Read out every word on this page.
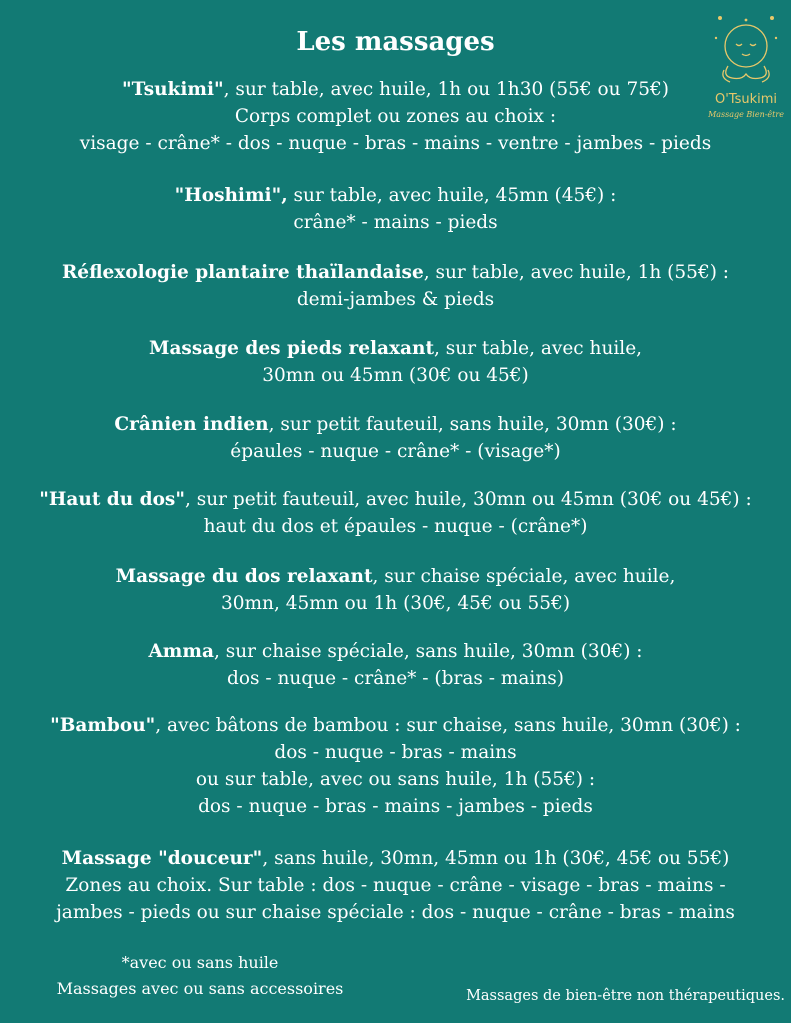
Les massages
O'Tsukimi
Massage Bien-être
"Tsukimi", sur table, avec huile, 1h ou 1h30 (55€ ou 75€)
Corps complet ou zones au choix :
visage - crâne* - dos - nuque - bras - mains - ventre - jambes - pieds
"Hoshimi", sur table, avec huile, 45mn (45€) :
crâne* - mains - pieds
Réflexologie plantaire thaïlandaise, sur table, avec huile, 1h (55€) :
demi-jambes & pieds
Massage des pieds relaxant, sur table, avec huile,
30mn ou 45mn (30€ ou 45€)
Crânien indien, sur petit fauteuil, sans huile, 30mn (30€) :
épaules - nuque - crâne* - (visage*)
"Haut du dos", sur petit fauteuil, avec huile, 30mn ou 45mn (30€ ou 45€) :
haut du dos et épaules - nuque - (crâne*)
Massage du dos relaxant, sur chaise spéciale, avec huile,
30mn, 45mn ou 1h (30€, 45€ ou 55€)
Amma, sur chaise spéciale, sans huile, 30mn (30€) :
dos - nuque - crâne* - (bras - mains)
"Bambou", avec bâtons de bambou : sur chaise, sans huile, 30mn (30€) :
dos - nuque - bras - mains
ou sur table, avec ou sans huile, 1h (55€) :
dos - nuque - bras - mains - jambes - pieds
Massage "douceur", sans huile, 30mn, 45mn ou 1h (30€, 45€ ou 55€)
Zones au choix. Sur table : dos - nuque - crâne - visage - bras - mains -
jambes - pieds ou sur chaise spéciale : dos - nuque - crâne - bras - mains
*avec ou sans huile
Massages avec ou sans accessoires	Massages de bien-être non thérapeutiques.
